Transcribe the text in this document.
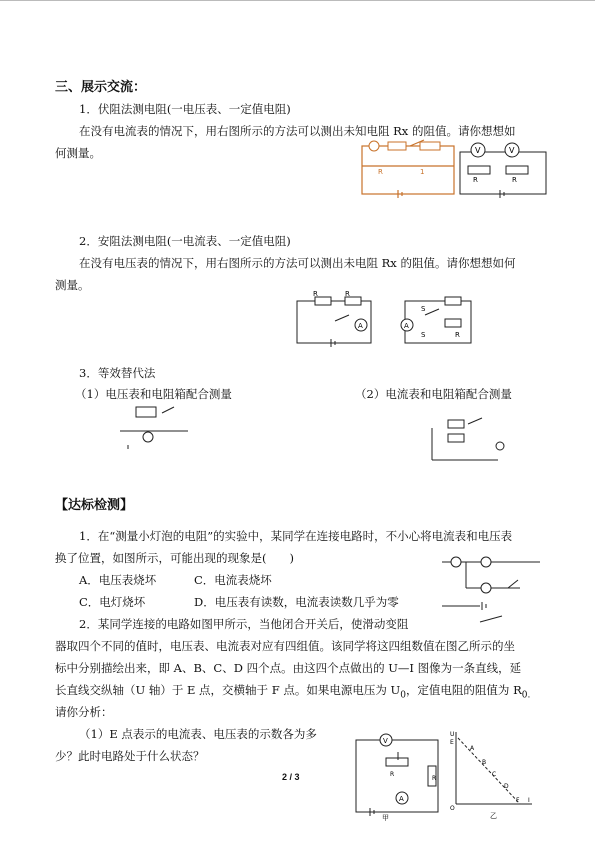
三、展示交流：
1．伏阻法测电阻(一电压表、一定值电阻)
在没有电流表的情况下，用右图所示的方法可以测出未知电阻 Rx 的阻值。请你想想如
何测量。
R	1
V	V
R	R
2．安阻法测电阻(一电流表、一定值电阻)
在没有电压表的情况下，用右图所示的方法可以测出未电阻 Rx 的阻值。请你想想如何
测量。
R	R
A	A
S
S	R
3．等效替代法
（1）电压表和电阻箱配合测量	（2）电流表和电阻箱配合测量
【达标检测】
1．在“测量小灯泡的电阻”的实验中，某同学在连接电路时，不小心将电流表和电压表
换了位置，如图所示，可能出现的现象是(　　)
A．电压表烧坏	C．电流表烧坏
C．电灯烧坏	D．电压表有读数，电流表读数几乎为零
2．某同学连接的电路如图甲所示，当他闭合开关后，使滑动变阻
器取四个不同的值时，电压表、电流表对应有四组值。该同学将这四组数值在图乙所示的坐
标中分别描绘出来，即 A、B、C、D 四个点。由这四个点做出的 U—I 图像为一条直线，延
长直线交纵轴（U 轴）于 E 点，交横轴于 F 点。如果电源电压为 $U_0$，定值电阻的阻值为 $R_{0.}$
请你分析：
（1）E 点表示的电流表、电压表的示数各为多
少？此时电路处于什么状态？
V
R
A
R
甲
U
E
A
B
C
D
F I
O
乙
2 / 3
